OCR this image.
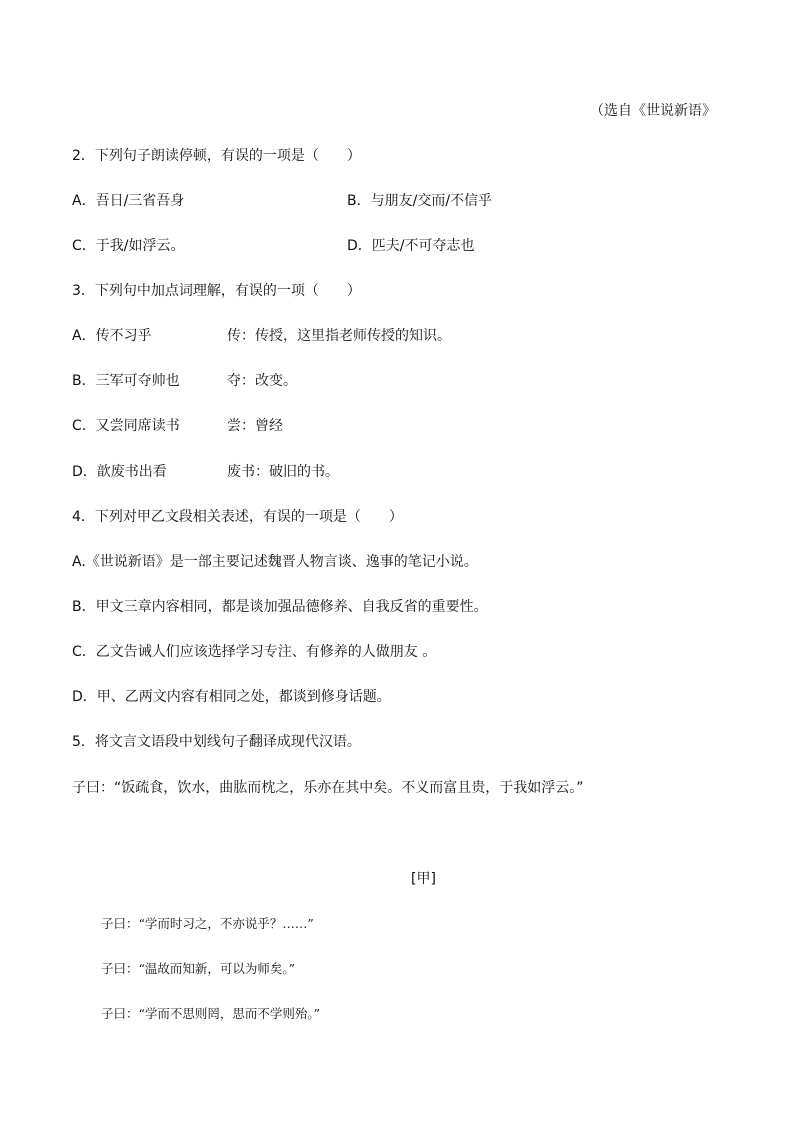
（选自《世说新语》
2．下列句子朗读停顿，有误的一项是（　　）
A．吾日/三省吾身	B．与朋友/交而/不信乎
C．于我/如浮云。	D．匹夫/不可夺志也
3．下列句中加点词理解，有误的一项（　　）
A．传不习乎	传：传授，这里指老师传授的知识。
B．三军可夺帅也	夺：改变。
C．又尝同席读书	尝：曾经
D．歆废书出看	废书：破旧的书。
4．下列对甲乙文段相关表述，有误的一项是（　　）
A.《世说新语》是一部主要记述魏晋人物言谈、逸事的笔记小说。
B．甲文三章内容相同，都是谈加强品德修养、自我反省的重要性。
C．乙文告诫人们应该选择学习专注、有修养的人做朋友 。
D．甲、乙两文内容有相同之处，都谈到修身话题。
5．将文言文语段中划线句子翻译成现代汉语。
子曰：“饭疏食，饮水，曲肱而枕之，乐亦在其中矣。不义而富且贵，于我如浮云。”
[甲]
子曰：“学而时习之，不亦说乎？……”
子曰：“温故而知新，可以为师矣。”
子曰：“学而不思则罔，思而不学则殆。”
